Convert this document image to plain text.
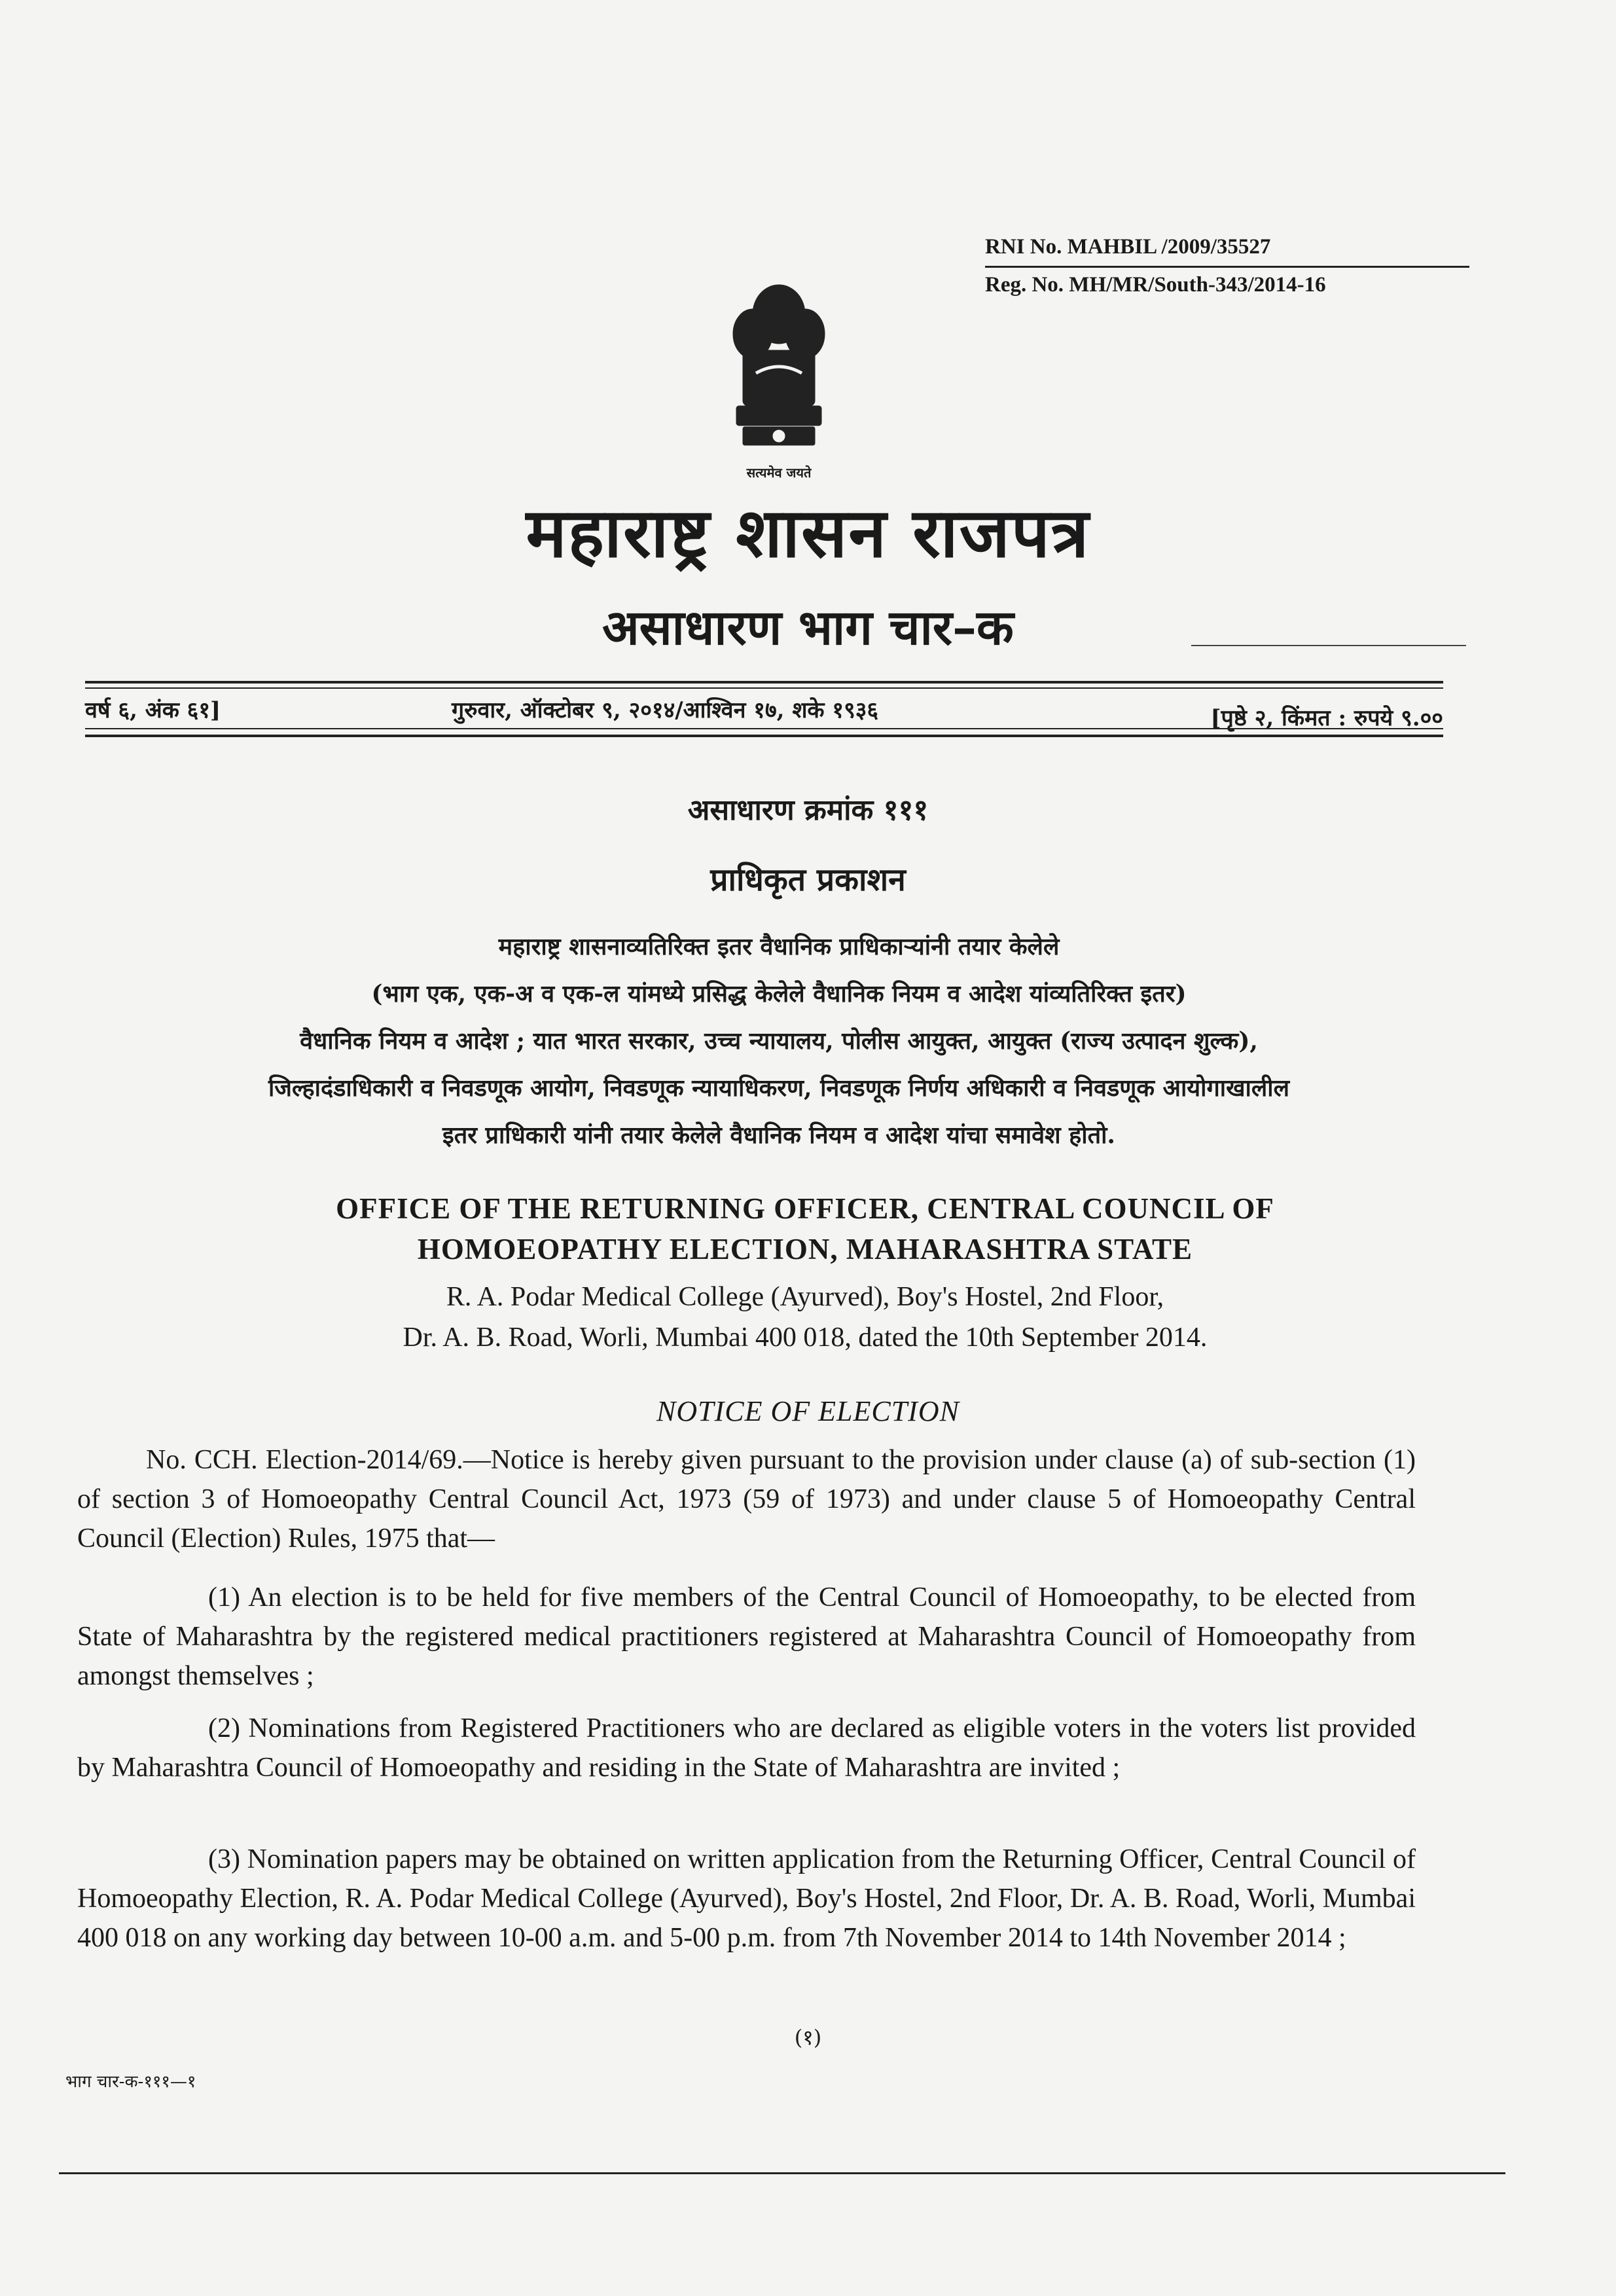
RNI No. MAHBIL /2009/35527
Reg. No. MH/MR/South-343/2014-16
सत्यमेव जयते
महाराष्ट्र शासन राजपत्र
असाधारण भाग चार–क
वर्ष ६, अंक ६१]	गुरुवार, ऑक्टोबर ९, २०१४/आश्विन १७, शके १९३६	[पृष्ठे २, किंमत : रुपये ९.००
असाधारण क्रमांक १११
प्राधिकृत प्रकाशन
महाराष्ट्र शासनाव्यतिरिक्त इतर वैधानिक प्राधिकाऱ्यांनी तयार केलेले
(भाग एक, एक-अ व एक-ल यांमध्ये प्रसिद्ध केलेले वैधानिक नियम व आदेश यांव्यतिरिक्त इतर)
वैधानिक नियम व आदेश ; यात भारत सरकार, उच्च न्यायालय, पोलीस आयुक्त, आयुक्त (राज्य उत्पादन शुल्क),
जिल्हादंडाधिकारी व निवडणूक आयोग, निवडणूक न्यायाधिकरण, निवडणूक निर्णय अधिकारी व निवडणूक आयोगाखालील
इतर प्राधिकारी यांनी तयार केलेले वैधानिक नियम व आदेश यांचा समावेश होतो.
OFFICE OF THE RETURNING OFFICER, CENTRAL COUNCIL OF
HOMOEOPATHY ELECTION, MAHARASHTRA STATE
R. A. Podar Medical College (Ayurved), Boy's Hostel, 2nd Floor,
Dr. A. B. Road, Worli, Mumbai 400 018, dated the 10th September 2014.
NOTICE OF ELECTION
No. CCH. Election-2014/69.—Notice is hereby given pursuant to the provision under clause (a) of sub-section (1) of section 3 of Homoeopathy Central Council Act, 1973 (59 of 1973) and under clause 5 of Homoeopathy Central Council (Election) Rules, 1975 that—
(1) An election is to be held for five members of the Central Council of Homoeopathy, to be elected from State of Maharashtra by the registered medical practitioners registered at Maharashtra Council of Homoeopathy from amongst themselves ;
(2) Nominations from Registered Practitioners who are declared as eligible voters in the voters list provided by Maharashtra Council of Homoeopathy and residing in the State of Maharashtra are invited ;
(3) Nomination papers may be obtained on written application from the Returning Officer, Central Council of Homoeopathy Election, R. A. Podar Medical College (Ayurved), Boy's Hostel, 2nd Floor, Dr. A. B. Road, Worli, Mumbai 400 018 on any working day between 10-00 a.m. and 5-00 p.m. from 7th November 2014 to 14th November 2014 ;
(१)
भाग चार-क-१११—१
